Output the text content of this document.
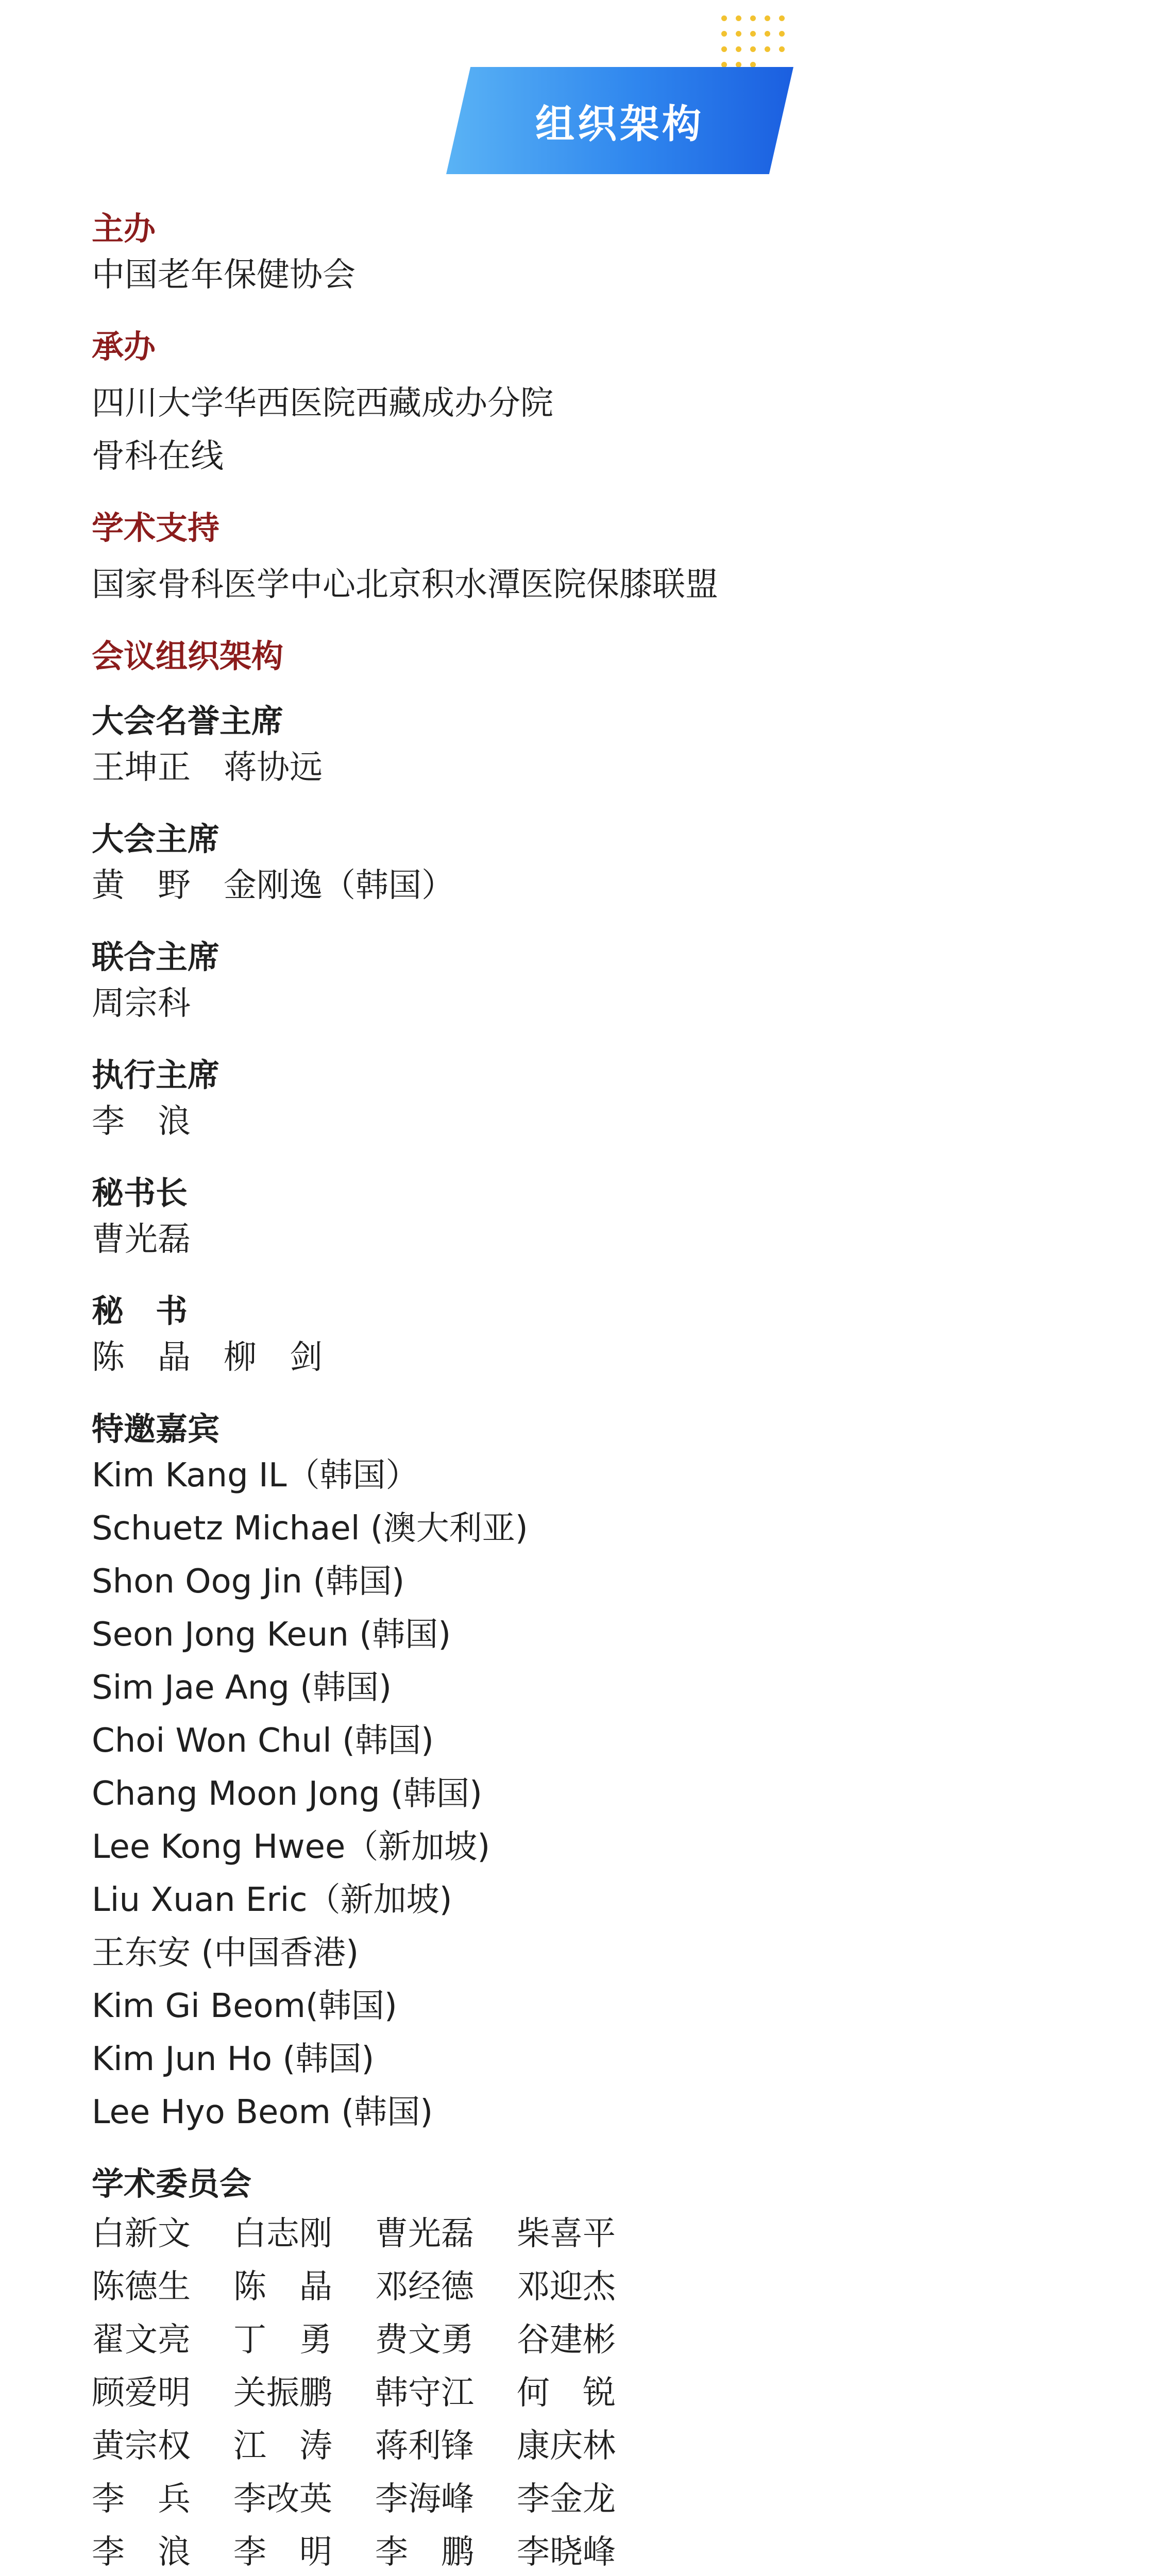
组织架构
主办
中国老年保健协会
承办
四川大学华西医院西藏成办分院
骨科在线
学术支持
国家骨科医学中心北京积水潭医院保膝联盟
会议组织架构
大会名誉主席
王坤正　蒋协远
大会主席
黄　野　金刚逸（韩国）
联合主席
周宗科
执行主席
李　浪
秘书长
曹光磊
秘　书
陈　晶　柳　剑
特邀嘉宾
Kim Kang IL（韩国）
Schuetz Michael (澳大利亚)
Shon Oog Jin (韩国)
Seon Jong Keun (韩国)
Sim Jae Ang (韩国)
Choi Won Chul (韩国)
Chang Moon Jong (韩国)
Lee Kong Hwee（新加坡)
Liu Xuan Eric（新加坡)
王东安 (中国香港)
Kim Gi Beom(韩国)
Kim Jun Ho (韩国)
Lee Hyo Beom (韩国)
学术委员会
白新文	白志刚	曹光磊	柴喜平
陈德生	陈　晶	邓经德	邓迎杰
翟文亮	丁　勇	费文勇	谷建彬
顾爱明	关振鹏	韩守江	何　锐
黄宗权	江　涛	蒋利锋	康庆林
李　兵	李改英	李海峰	李金龙
李　浪	李　明	李　鹏	李晓峰
